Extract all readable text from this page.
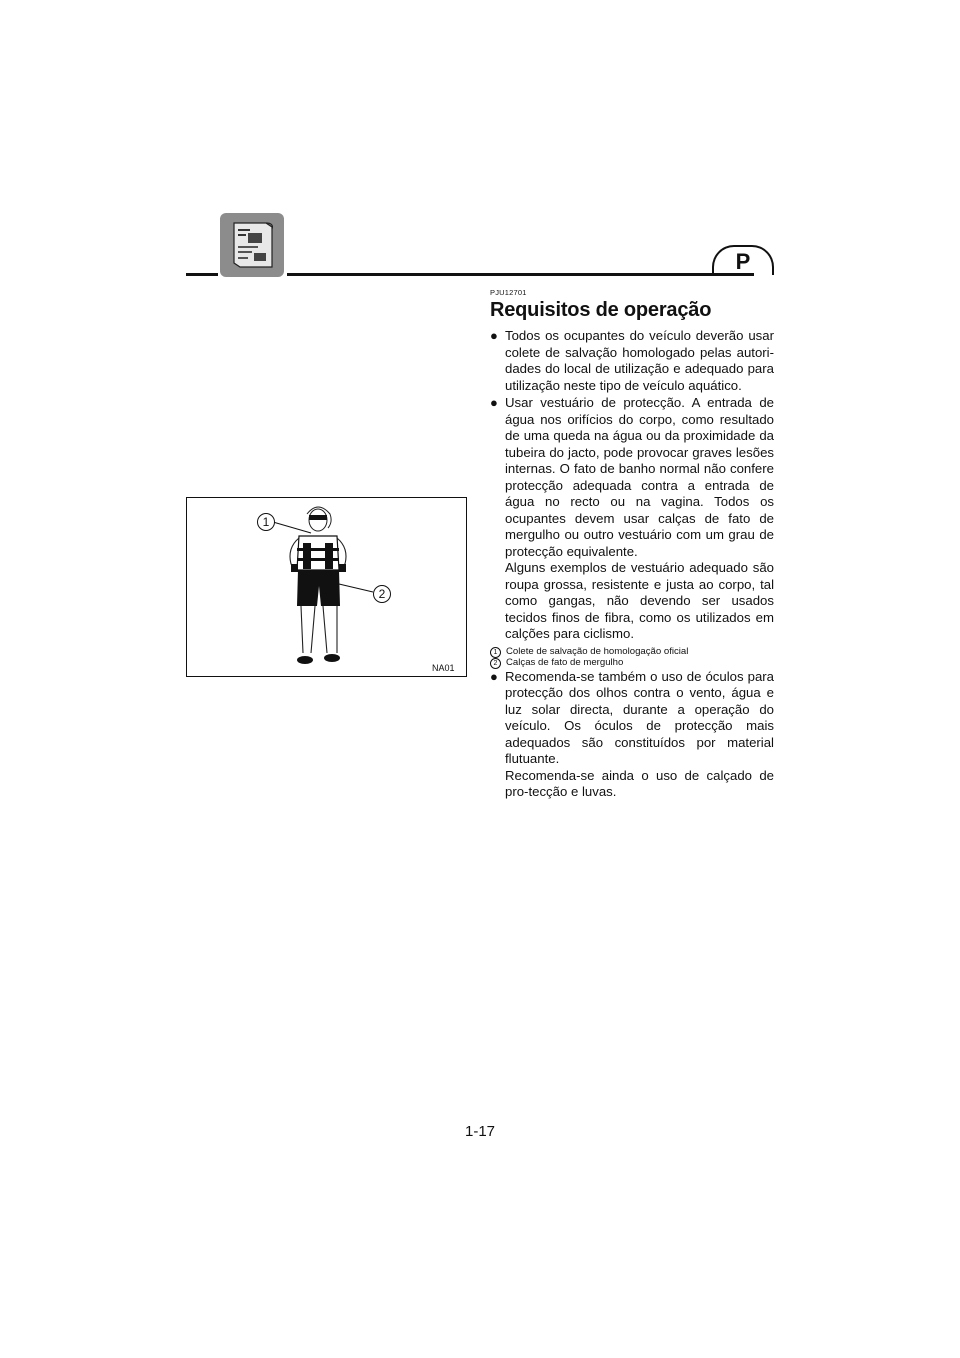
P
1
2
NA01
PJU12701
Requisitos de operação
● Todos os ocupantes do veículo deverão usar colete de salvação homologado pelas autori-dades do local de utilização e adequado para utilização neste tipo de veículo aquático.

● Usar vestuário de protecção. A entrada de água nos orifícios do corpo, como resultado de uma queda na água ou da proximidade da tubeira do jacto, pode provocar graves lesões internas. O fato de banho normal não confere protecção adequada contra a entrada de água no recto ou na vagina. Todos os ocupantes devem usar calças de fato de mergulho ou outro vestuário com um grau de protecção equivalente.

Alguns exemplos de vestuário adequado são roupa grossa, resistente e justa ao corpo, tal como gangas, não devendo ser usados tecidos finos de fibra, como os utilizados em calções para ciclismo.

1 Colete de salvação de homologação oficial
2 Calças de fato de mergulho
● Recomenda-se também o uso de óculos para protecção dos olhos contra o vento, água e luz solar directa, durante a operação do veículo. Os óculos de protecção mais adequados são constituídos por material flutuante.

Recomenda-se ainda o uso de calçado de pro-tecção e luvas.

1-17
